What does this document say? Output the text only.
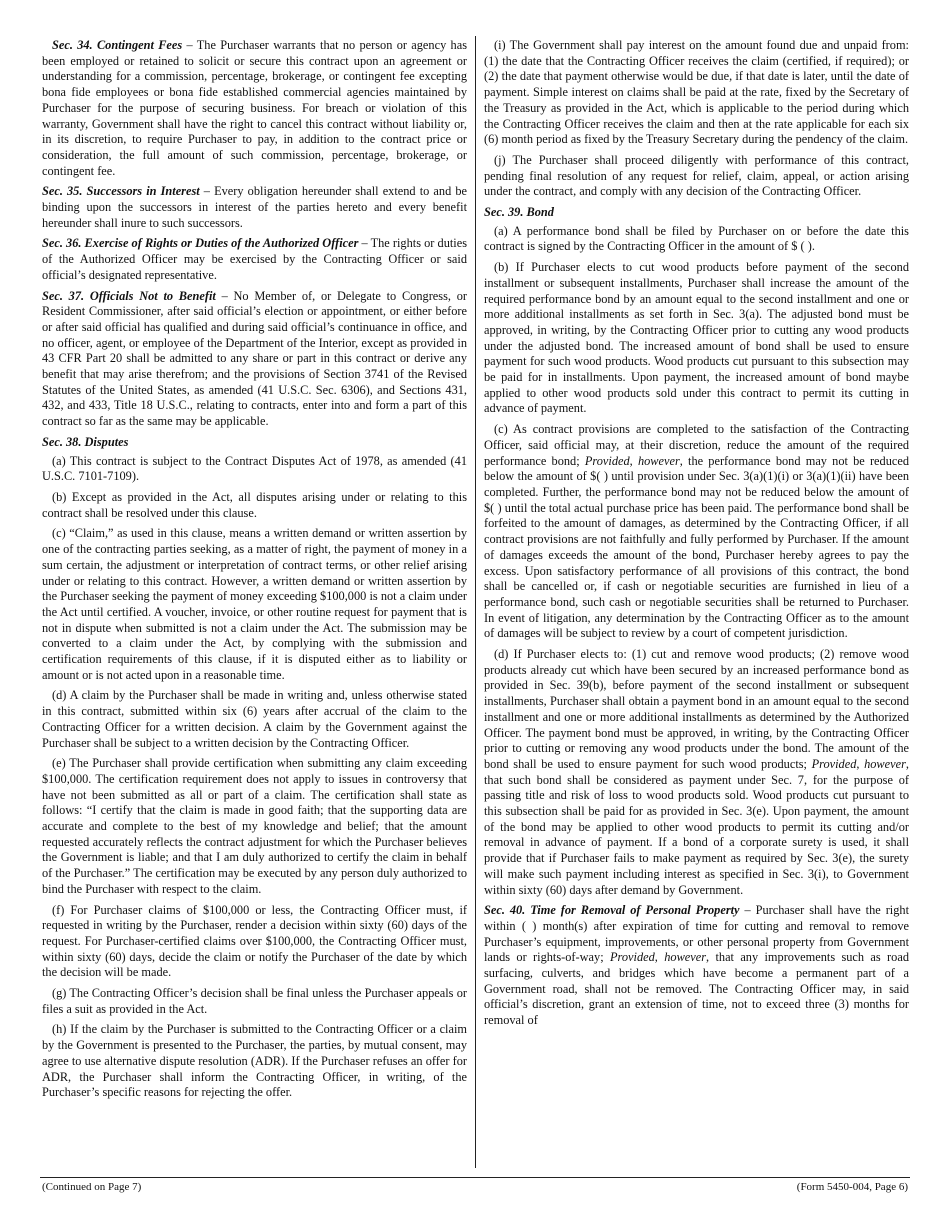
Sec. 34. Contingent Fees – The Purchaser warrants that no person or agency has been employed or retained to solicit or secure this contract upon an agreement or understanding for a commission, percentage, brokerage, or contingent fee excepting bona fide employees or bona fide established commercial agencies maintained by Purchaser for the purpose of securing business. For breach or violation of this warranty, Government shall have the right to cancel this contract without liability or, in its discretion, to require Purchaser to pay, in addition to the contract price or consideration, the full amount of such commission, percentage, brokerage, or contingent fee.

Sec. 35. Successors in Interest – Every obligation hereunder shall extend to and be binding upon the successors in interest of the parties hereto and every benefit hereunder shall inure to such successors.

Sec. 36. Exercise of Rights or Duties of the Authorized Officer – The rights or duties of the Authorized Officer may be exercised by the Contracting Officer or said official’s designated representative.

Sec. 37. Officials Not to Benefit – No Member of, or Delegate to Congress, or Resident Commissioner, after said official’s election or appointment, or either before or after said official has qualified and during said official’s continuance in office, and no officer, agent, or employee of the Department of the Interior, except as provided in 43 CFR Part 20 shall be admitted to any share or part in this contract or derive any benefit that may arise therefrom; and the provisions of Section 3741 of the Revised Statutes of the United States, as amended (41 U.S.C. Sec. 6306), and Sections 431, 432, and 433, Title 18 U.S.C., relating to contracts, enter into and form a part of this contract so far as the same may be applicable.

Sec. 38. Disputes

(a) This contract is subject to the Contract Disputes Act of 1978, as amended (41 U.S.C. 7101-7109).

(b) Except as provided in the Act, all disputes arising under or relating to this contract shall be resolved under this clause.

(c) “Claim,” as used in this clause, means a written demand or written assertion by one of the contracting parties seeking, as a matter of right, the payment of money in a sum certain, the adjustment or interpretation of contract terms, or other relief arising under or relating to this contract. However, a written demand or written assertion by the Purchaser seeking the payment of money exceeding $100,000 is not a claim under the Act until certified. A voucher, invoice, or other routine request for payment that is not in dispute when submitted is not a claim under the Act. The submission may be converted to a claim under the Act, by complying with the submission and certification requirements of this clause, if it is disputed either as to liability or amount or is not acted upon in a reasonable time.

(d) A claim by the Purchaser shall be made in writing and, unless otherwise stated in this contract, submitted within six (6) years after accrual of the claim to the Contracting Officer for a written decision. A claim by the Government against the Purchaser shall be subject to a written decision by the Contracting Officer.

(e) The Purchaser shall provide certification when submitting any claim exceeding $100,000. The certification requirement does not apply to issues in controversy that have not been submitted as all or part of a claim. The certification shall state as follows: “I certify that the claim is made in good faith; that the supporting data are accurate and complete to the best of my knowledge and belief; that the amount requested accurately reflects the contract adjustment for which the Purchaser believes the Government is liable; and that I am duly authorized to certify the claim in behalf of the Purchaser.” The certification may be executed by any person duly authorized to bind the Purchaser with respect to the claim.

(f) For Purchaser claims of $100,000 or less, the Contracting Officer must, if requested in writing by the Purchaser, render a decision within sixty (60) days of the request. For Purchaser-certified claims over $100,000, the Contracting Officer must, within sixty (60) days, decide the claim or notify the Purchaser of the date by which the decision will be made.

(g) The Contracting Officer’s decision shall be final unless the Purchaser appeals or files a suit as provided in the Act.

(h) If the claim by the Purchaser is submitted to the Contracting Officer or a claim by the Government is presented to the Purchaser, the parties, by mutual consent, may agree to use alternative dispute resolution (ADR). If the Purchaser refuses an offer for ADR, the Purchaser shall inform the Contracting Officer, in writing, of the Purchaser’s specific reasons for rejecting the offer.

(i) The Government shall pay interest on the amount found due and unpaid from: (1) the date that the Contracting Officer receives the claim (certified, if required); or (2) the date that payment otherwise would be due, if that date is later, until the date of payment. Simple interest on claims shall be paid at the rate, fixed by the Secretary of the Treasury as provided in the Act, which is applicable to the period during which the Contracting Officer receives the claim and then at the rate applicable for each six (6) month period as fixed by the Treasury Secretary during the pendency of the claim.

(j) The Purchaser shall proceed diligently with performance of this contract, pending final resolution of any request for relief, claim, appeal, or action arising under the contract, and comply with any decision of the Contracting Officer.

Sec. 39. Bond

(a) A performance bond shall be filed by Purchaser on or before the date this contract is signed by the Contracting Officer in the amount of $ ( ).

(b) If Purchaser elects to cut wood products before payment of the second installment or subsequent installments, Purchaser shall increase the amount of the required performance bond by an amount equal to the second installment and one or more additional installments as set forth in Sec. 3(a). The adjusted bond must be approved, in writing, by the Contracting Officer prior to cutting any wood products under the adjusted bond. The increased amount of bond shall be used to ensure payment for such wood products. Wood products cut pursuant to this subsection may be paid for in installments. Upon payment, the increased amount of bond maybe applied to other wood products sold under this contract to permit its cutting in advance of payment.

(c) As contract provisions are completed to the satisfaction of the Contracting Officer, said official may, at their discretion, reduce the amount of the required performance bond; Provided, however, the performance bond may not be reduced below the amount of $( ) until provision under Sec. 3(a)(1)(i) or 3(a)(1)(ii) have been completed. Further, the performance bond may not be reduced below the amount of $( ) until the total actual purchase price has been paid. The performance bond shall be forfeited to the amount of damages, as determined by the Contracting Officer, if all contract provisions are not faithfully and fully performed by Purchaser. If the amount of damages exceeds the amount of the bond, Purchaser hereby agrees to pay the excess. Upon satisfactory performance of all provisions of this contract, the bond shall be cancelled or, if cash or negotiable securities are furnished in lieu of a performance bond, such cash or negotiable securities shall be returned to Purchaser. In event of litigation, any determination by the Contracting Officer as to the amount of damages will be subject to review by a court of competent jurisdiction.

(d) If Purchaser elects to: (1) cut and remove wood products; (2) remove wood products already cut which have been secured by an increased performance bond as provided in Sec. 39(b), before payment of the second installment or subsequent installments, Purchaser shall obtain a payment bond in an amount equal to the second installment and one or more additional installments as determined by the Authorized Officer. The payment bond must be approved, in writing, by the Contracting Officer prior to cutting or removing any wood products under the bond. The amount of the bond shall be used to ensure payment for such wood products; Provided, however, that such bond shall be considered as payment under Sec. 7, for the purpose of passing title and risk of loss to wood products sold. Wood products cut pursuant to this subsection shall be paid for as provided in Sec. 3(e). Upon payment, the amount of the bond may be applied to other wood products to permit its cutting and/or removal in advance of payment. If a bond of a corporate surety is used, it shall provide that if Purchaser fails to make payment as required by Sec. 3(e), the surety will make such payment including interest as specified in Sec. 3(i), to Government within sixty (60) days after demand by Government.

Sec. 40. Time for Removal of Personal Property – Purchaser shall have the right within ( ) month(s) after expiration of time for cutting and removal to remove Purchaser’s equipment, improvements, or other personal property from Government lands or rights-of-way; Provided, however, that any improvements such as road surfacing, culverts, and bridges which have become a permanent part of a Government road, shall not be removed. The Contracting Officer may, in said official’s discretion, grant an extension of time, not to exceed three (3) months for removal of

(Continued on Page 7)	(Form 5450-004, Page 6)
